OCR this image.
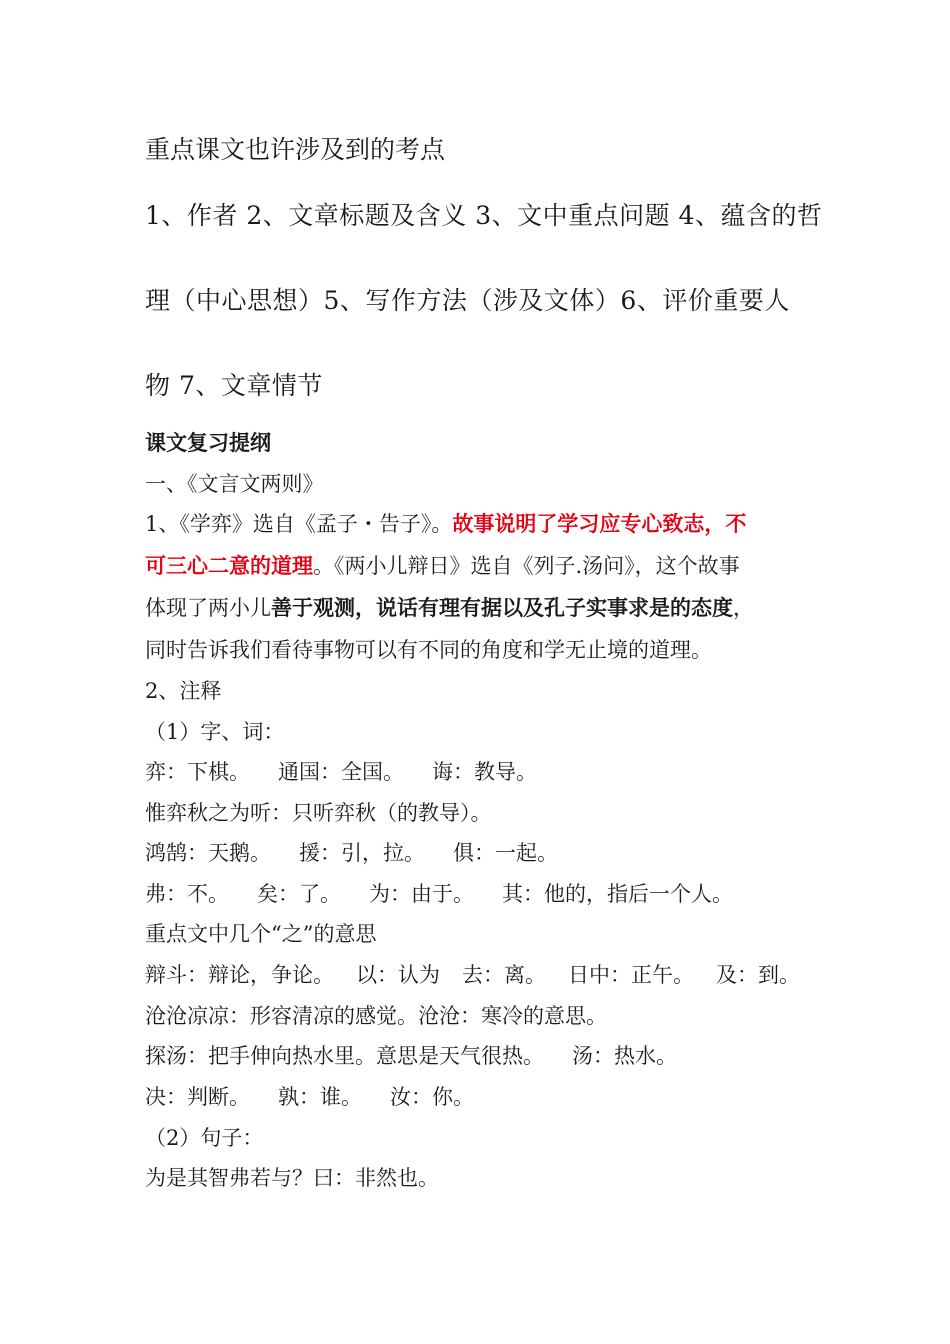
重点课文也许涉及到的考点
1、作者 2、文章标题及含义 3、文中重点问题 4、蕴含的哲
理（中心思想）5、写作方法（涉及文体）6、评价重要人
物 7、文章情节
课文复习提纲
一、《文言文两则》
1、《学弈》选自《孟子・告子》。故事说明了学习应专心致志，不
可三心二意的道理。《两小儿辩日》选自《列子.汤问》，这个故事
体现了两小儿善于观测，说话有理有据以及孔子实事求是的态度，
同时告诉我们看待事物可以有不同的角度和学无止境的道理。
2、注释
（1）字、词：
弈：下棋。 通国：全国。 诲：教导。
惟弈秋之为听：只听弈秋（的教导）。
鸿鹄：天鹅。 援：引，拉。 俱：一起。
弗：不。 矣：了。 为：由于。 其：他的，指后一个人。
重点文中几个“之”的意思
辩斗：辩论，争论。 以：认为 去：离。 日中：正午。 及：到。
沧沧凉凉：形容清凉的感觉。沧沧：寒冷的意思。
探汤：把手伸向热水里。意思是天气很热。 汤：热水。
决：判断。 孰：谁。 汝：你。
（2）句子：
为是其智弗若与？曰：非然也。
